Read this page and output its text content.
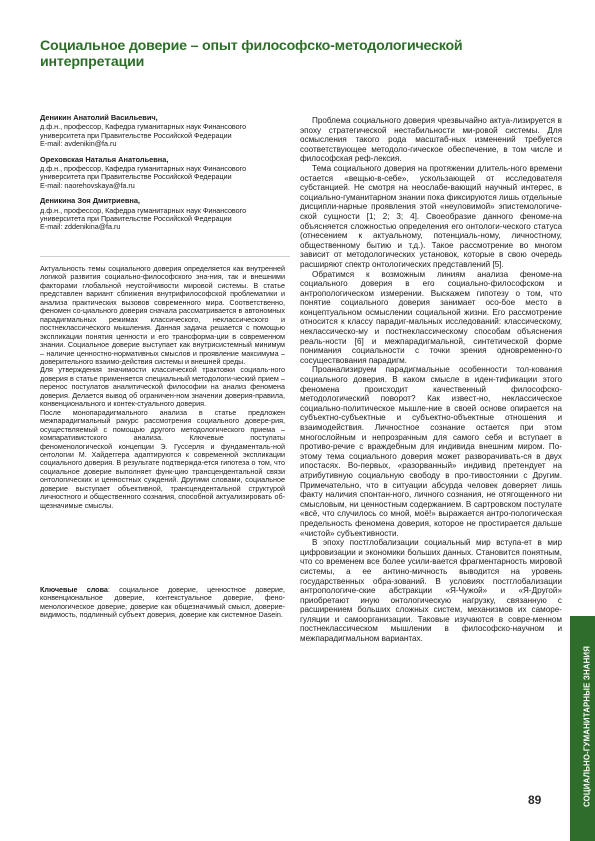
Социальное доверие – опыт философско-методологической интерпретации
Деникин Анатолий Васильевич,
д.ф.н., профессор, Кафедра гуманитарных наук Финансового
университета при Правительстве Российской Федерации
E-mail: avdenikin@fa.ru
Ореховская Наталья Анатольевна,
д.ф.н., профессор, Кафедра гуманитарных наук Финансового
университета при Правительстве Российской Федерации
E-mail: naorehovskaya@fa.ru
Деникина Зоя Дмитриевна,
д.ф.н., профессор, Кафедра гуманитарных наук Финансового
университета при Правительстве Российской Федерации
E-mail: zddenikina@fa.ru

Актуальность темы социального доверия определяется как внутренней логикой развития социально-философского зна-ния, так и внешними факторами глобальной неустойчивости мировой системы. В статье представлен вариант сближения внутрифилософской проблематики и анализа практических вызовов современного мира. Соответственно, феномен со-циального доверия сначала рассматривается в автономных парадигмальных режимах классического, неклассического и постнеклассического мышления. Данная задача решается с помощью экспликации понятия ценности и его трансформа-ции в современном знании. Социальное доверие выступает как внутрисистемный минимум – наличие ценностно-нормативных смыслов и проявление максимума – доверительного взаимо-действия системы и внешней среды.

Для утверждения значимости классической трактовки социаль-ного доверия в статье применяется специальный методологи-ческий прием – перенос постулатов аналитической философии на анализ феномена доверия. Делается вывод об ограничен-ном значении доверия-правила, конвенционального и контек-стуального доверия.

После монопарадигмального анализа в статье предложен межпарадигмальный ракурс рассмотрения социального довере-рия, осуществляемый с помощью другого методологического приема – компаративистского анализа. Ключевые постулаты феноменологической концепции Э. Гуссерля и фундаменталь-ной онтологии М. Хайдеггера адаптируются к современной экспликации социального доверия. В результате подтверждa-ется гипотеза о том, что социальное доверие выполняет функ-цию трансцендентальной связи онтологических и ценностных суждений. Другими словами, социальное доверие выступает объективной, трансцендентальной структурой личностного и общественного сознания, способной актуализировать об-щезначимые смыслы.

Ключевые слова: социальное доверие, ценностное доверие, конвенциональное доверие, контекстуальное доверие, фено-менологическое доверие, доверие как общезначимый смысл, доверие-видимость, подлинный субъект доверия, доверие как системное Dasein.

Проблема социального доверия чрезвычайно актуа-лизируется в эпоху стратегической нестабильности ми-ровой системы. Для осмысления такого рода масштаб-ных изменений требуется соответствующее методоло-гическое обеспечение, в том числе и философская реф-лексия.

Тема социального доверия на протяжении длитель-ного времени остается «вещью-в-себе», ускользающей от исследователя субстанцией. Не смотря на неослабе-вающий научный интерес, в социально-гуманитарном знании пока фиксируются лишь отдельные дисципли-нарные проявления этой «неуловимой» эпистемологиче-ской сущности [1; 2; 3; 4]. Своеобразие данного феноме-на объясняется сложностью определения его онтологи-ческого статуса (отнесением к актуальному, потенциаль-ному, личностному, общественному бытию и т.д.). Такое рассмотрение во многом зависит от методологических установок, которые в свою очередь расширяют спектр онтологических представлений [5].

Обратимся к возможным линиям анализа феноме-на социального доверия в его социально-философском и антропологическом измерении. Выскажем гипотезу о том, что понятие социального доверия занимает осо-бое место в концептуальном осмыслении социальной жизни. Его рассмотрение относится к классу парадиг-мальных исследований: классическому, неклассическо-му и постнеклассическому способам объяснения реаль-ности [6] и межпарадигмальной, синтетической форме понимания социальности с точки зрения одновременно-го сосуществования парадигм.

Проанализируем парадигмальные особенности тол-кования социального доверия. В каком смысле в иден-тификации этого феномена происходит качественный философско-методологический поворот? Как извест-но, неклассическое социально-политическое мышле-ние в своей основе опирается на субъектно-субъектные и субъектно-объектные отношения и взаимодействия. Личностное сознание остается при этом многослойным и непрозрачным для самого себя и вступает в противо-речие с враждебным для индивида внешним миром. По-этому тема социального доверия может разворачивать-ся в двух ипостасях. Во-первых, «разорванный» индивид претендует на атрибутивную социальную свободу в про-тивостоянии с Другим. Примечательно, что в ситуации абсурда человек доверяет лишь факту наличия спонтан-ного, личного сознания, не отягощенного ни смысловым, ни ценностным содержанием. В сартровском постулате «всё, что случилось со мной, моё!» выражается антро-пологическая предельность феномена доверия, которое не простирается дальше «чистой» субъективности.

В эпоху постглобализации социальный мир вступа-ет в мир цифровизации и экономики больших данных. Становится понятным, что со временем все более усили-вается фрагментарность мировой системы, а ее антино-мичность выводится на уровень государственных обра-зований. В условиях постглобализации антропологиче-ские абстракции «Я-Чужой» и «Я-Другой» приобретают иную онтологическую нагрузку, связанную с расширением больших сложных систем, механизмов их саморе-гуляции и самоорганизации. Таковые изучаются в совре-менном постнеклассическом мышлении в философско-научном и межпарадигмальном вариантах.

СОЦИАЛЬНО-ГУМАНИТАРНЫЕ ЗНАНИЯ
89
